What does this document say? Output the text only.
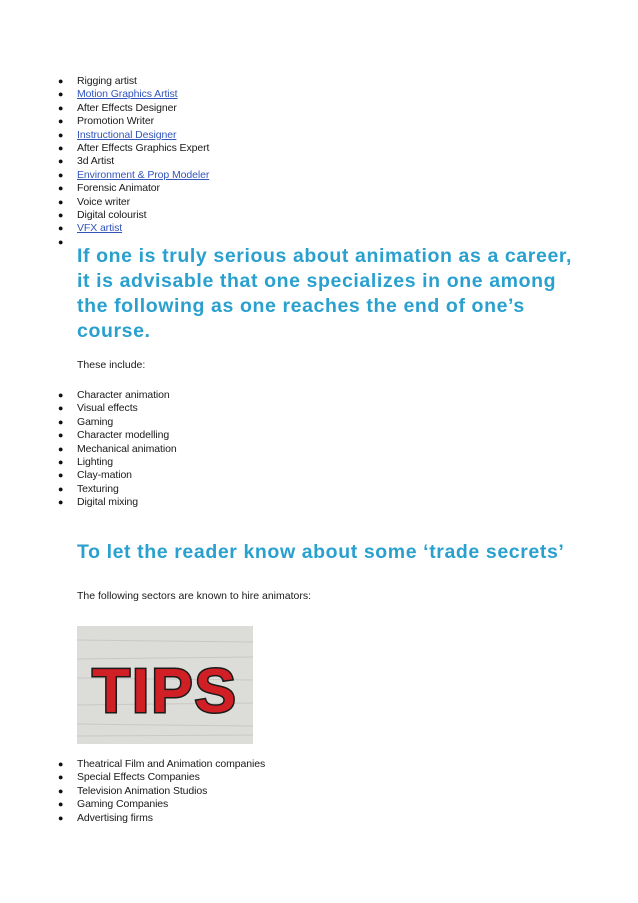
● Rigging artist
● Motion Graphics Artist
● After Effects Designer
● Promotion Writer
● Instructional Designer
● After Effects Graphics Expert
● 3d Artist
● Environment & Prop Modeler
● Forensic Animator
● Voice writer
● Digital colourist
● VFX artist
●
If one is truly serious about animation as a career, it is advisable that one specializes in one among the following as one reaches the end of one’s course.

These include:

● Character animation
● Visual effects
● Gaming
● Character modelling
● Mechanical animation
● Lighting
● Clay-mation
● Texturing
● Digital mixing
To let the reader know about some ‘trade secrets’

The following sectors are known to hire animators:

TIPS
● Theatrical Film and Animation companies
● Special Effects Companies
● Television Animation Studios
● Gaming Companies
● Advertising firms
